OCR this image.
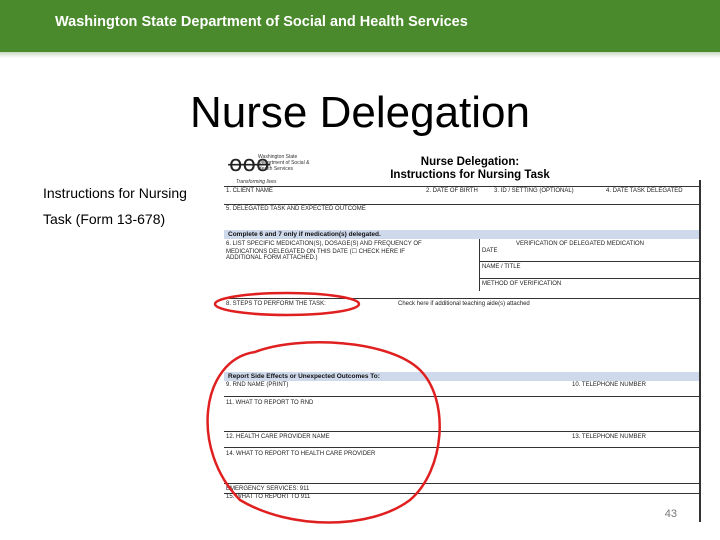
Washington State Department of Social and Health Services
Nurse Delegation
Instructions for Nursing
Task (Form 13-678)
ꝋꝋꝋ
Washington State Department of Social & Health Services
Transforming lives
Nurse Delegation:
Instructions for Nursing Task
1. CLIENT NAME	2. DATE OF BIRTH	3. ID / SETTING (OPTIONAL)	4. DATE TASK DELEGATED
5. DELEGATED TASK AND EXPECTED OUTCOME
Complete 6 and 7 only if medication(s) delegated.
6. LIST SPECIFIC MEDICATION(S), DOSAGE(S) AND FREQUENCY OF
MEDICATIONS DELEGATED ON THIS DATE (☐ CHECK HERE IF
ADDITIONAL FORM ATTACHED.)
VERIFICATION OF DELEGATED MEDICATION
DATE
NAME / TITLE
METHOD OF VERIFICATION
8. STEPS TO PERFORM THE TASK:	Check here if additional teaching aide(s) attached
Report Side Effects or Unexpected Outcomes To:
9. RND NAME (PRINT)	10. TELEPHONE NUMBER
11. WHAT TO REPORT TO RND
12. HEALTH CARE PROVIDER NAME	13. TELEPHONE NUMBER
14. WHAT TO REPORT TO HEALTH CARE PROVIDER
EMERGENCY SERVICES: 911
15. WHAT TO REPORT TO 911
43
